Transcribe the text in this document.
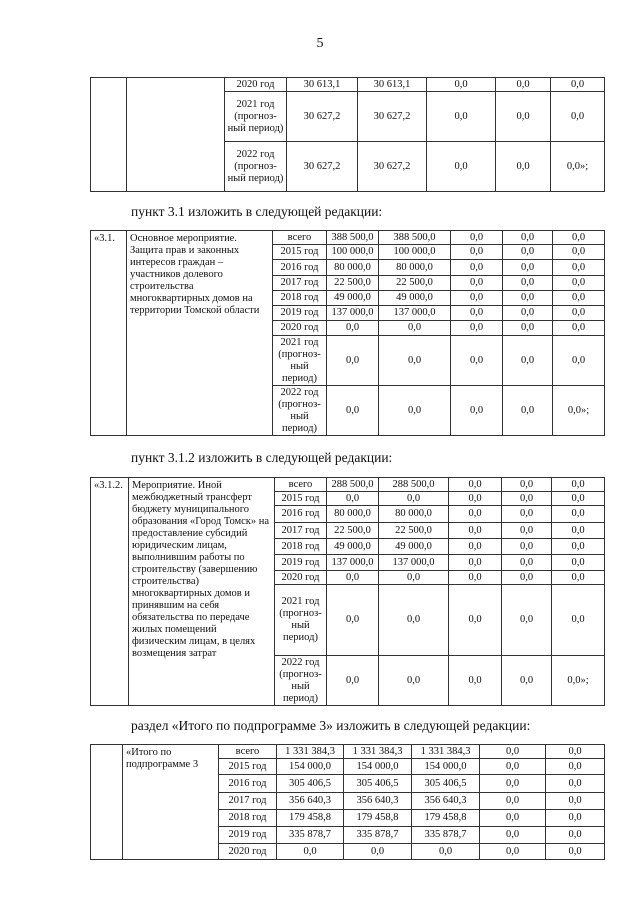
5
		2020 год	30 613,1	30 613,1	0,0	0,0	0,0
		2021 год (прогноз-ный период)	30 627,2	30 627,2	0,0	0,0	0,0
		2022 год (прогноз-ный период)	30 627,2	30 627,2	0,0	0,0	0,0»;
пункт 3.1 изложить в следующей редакции:
«3.1.	Основное мероприятие. Защита прав и законных интересов граждан – участников долевого строительства многоквартирных домов на территории Томской области	всего	388 500,0	388 500,0	0,0	0,0	0,0
		2015 год	100 000,0	100 000,0	0,0	0,0	0,0
		2016 год	80 000,0	80 000,0	0,0	0,0	0,0
		2017 год	22 500,0	22 500,0	0,0	0,0	0,0
		2018 год	49 000,0	49 000,0	0,0	0,0	0,0
		2019 год	137 000,0	137 000,0	0,0	0,0	0,0
		2020 год	0,0	0,0	0,0	0,0	0,0
		2021 год (прогноз-ный период)	0,0	0,0	0,0	0,0	0,0
		2022 год (прогноз-ный период)	0,0	0,0	0,0	0,0	0,0»;
пункт 3.1.2 изложить в следующей редакции:
«3.1.2.	Мероприятие. Иной межбюджетный трансферт бюджету муниципального образования «Город Томск» на предоставление субсидий юридическим лицам, выполнившим работы по строительству (завершению строительства) многоквартирных домов и принявшим на себя обязательства по передаче жилых помещений физическим лицам, в целях возмещения затрат	всего	288 500,0	288 500,0	0,0	0,0	0,0
		2015 год	0,0	0,0	0,0	0,0	0,0
		2016 год	80 000,0	80 000,0	0,0	0,0	0,0
		2017 год	22 500,0	22 500,0	0,0	0,0	0,0
		2018 год	49 000,0	49 000,0	0,0	0,0	0,0
		2019 год	137 000,0	137 000,0	0,0	0,0	0,0
		2020 год	0,0	0,0	0,0	0,0	0,0
		2021 год (прогноз-ный период)	0,0	0,0	0,0	0,0	0,0
		2022 год (прогноз-ный период)	0,0	0,0	0,0	0,0	0,0»;
раздел «Итого по подпрограмме 3» изложить в следующей редакции:
	«Итого по подпрограмме 3	всего	1 331 384,3	1 331 384,3	1 331 384,3	0,0	0,0
		2015 год	154 000,0	154 000,0	154 000,0	0,0	0,0
		2016 год	305 406,5	305 406,5	305 406,5	0,0	0,0
		2017 год	356 640,3	356 640,3	356 640,3	0,0	0,0
		2018 год	179 458,8	179 458,8	179 458,8	0,0	0,0
		2019 год	335 878,7	335 878,7	335 878,7	0,0	0,0
		2020 год	0,0	0,0	0,0	0,0	0,0
